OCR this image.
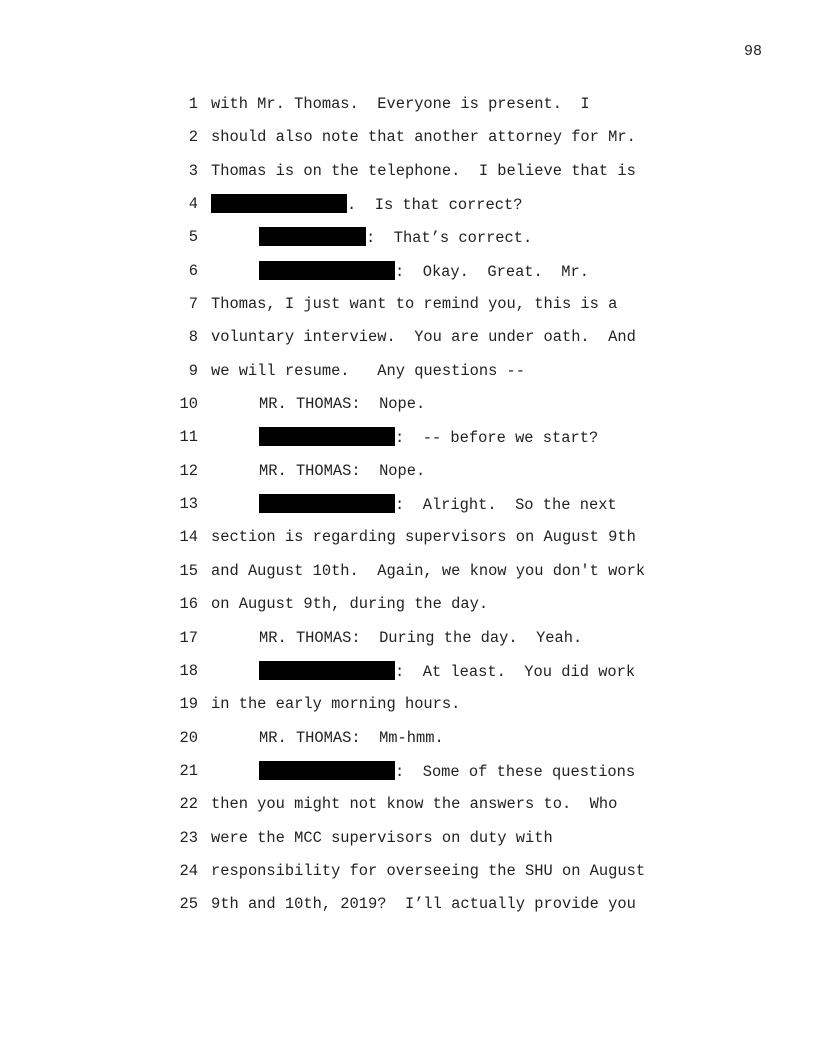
98

1

with Mr. Thomas.  Everyone is present.  I

2

should also note that another attorney for Mr.

3

Thomas is on the telephone.  I believe that is

4

	.  Is that correct?

5

	:  That’s correct.

6

	:  Okay.  Great.  Mr.

7

Thomas, I just want to remind you, this is a

8

voluntary interview.  You are under oath.  And

9

we will resume.   Any questions --

10

	MR. THOMAS:  Nope.

11

	:  -- before we start?

12

	MR. THOMAS:  Nope.

13

	:  Alright.  So the next

14

section is regarding supervisors on August 9th

15

and August 10th.  Again, we know you don't work

16

on August 9th, during the day.

17

	MR. THOMAS:  During the day.  Yeah.

18

	:  At least.  You did work

19

in the early morning hours.

20

	MR. THOMAS:  Mm-hmm.

21

	:  Some of these questions

22

then you might not know the answers to.  Who

23

were the MCC supervisors on duty with

24

responsibility for overseeing the SHU on August

25

9th and 10th, 2019?  I’ll actually provide you
